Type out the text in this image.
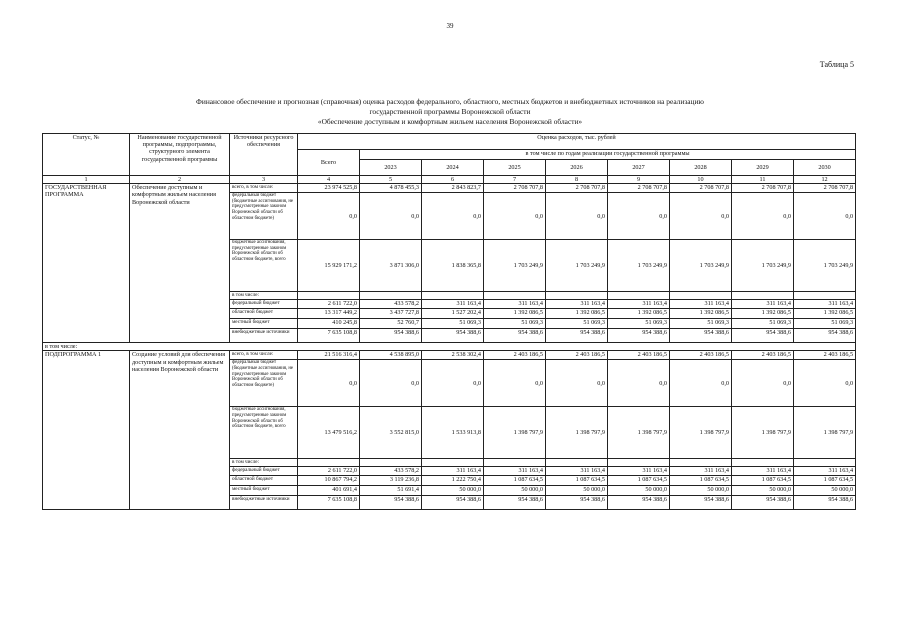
39
Таблица 5
Финансовое обеспечение и прогнозная (справочная) оценка расходов федерального, областного, местных бюджетов и внебюджетных источников на реализацию
государственной программы Воронежской области
«Обеспечение доступным и комфортным жильем населения Воронежской области»
Статус, №	Наименование государственной программы, подпрограммы, структурного элемента государственной программы	Источники ресурсного обеспечения	Оценка расходов, тыс. рублей								
			Всего	в том числе по годам реализации государственной программы							
				2023	2024	2025	2026	2027	2028	2029	2030
1	2	3	4	5	6	7	8	9	10	11	12
ГОСУДАРСТВЕННАЯ ПРОГРАММА	Обеспечение доступным и комфортным жильем населения Воронежской области	всего, в том числе:	23 974 525,8	4 878 455,3	2 843 823,7	2 708 707,8	2 708 707,8	2 708 707,8	2 708 707,8	2 708 707,8	2 708 707,8
		федеральный бюджет (бюджетные ассигнования, не предусмотренные законом Воронежской области об областном бюджете)	0,0	0,0	0,0	0,0	0,0	0,0	0,0	0,0	0,0
		бюджетные ассигнования, предусмотренные законом Воронежской области об областном бюджете, всего	15 929 171,2	3 871 306,0	1 838 365,8	1 703 249,9	1 703 249,9	1 703 249,9	1 703 249,9	1 703 249,9	1 703 249,9
		в том числе:									
		федеральный бюджет	2 611 722,0	433 578,2	311 163,4	311 163,4	311 163,4	311 163,4	311 163,4	311 163,4	311 163,4
		областной бюджет	13 317 449,2	3 437 727,8	1 527 202,4	1 392 086,5	1 392 086,5	1 392 086,5	1 392 086,5	1 392 086,5	1 392 086,5
		местный бюджет	410 245,8	52 760,7	51 069,3	51 069,3	51 069,3	51 069,3	51 069,3	51 069,3	51 069,3
		внебюджетные источники	7 635 108,8	954 388,6	954 388,6	954 388,6	954 388,6	954 388,6	954 388,6	954 388,6	954 388,6
в том числе:											
ПОДПРОГРАММА 1	Создание условий для обеспечения доступным и комфортным жильем населения Воронежской области	всего, в том числе:	21 516 316,4	4 538 895,0	2 538 302,4	2 403 186,5	2 403 186,5	2 403 186,5	2 403 186,5	2 403 186,5	2 403 186,5
		федеральный бюджет (бюджетные ассигнования, не предусмотренные законом Воронежской области об областном бюджете)	0,0	0,0	0,0	0,0	0,0	0,0	0,0	0,0	0,0
		бюджетные ассигнования, предусмотренные законом Воронежской области об областном бюджете, всего	13 479 516,2	3 552 815,0	1 533 913,8	1 398 797,9	1 398 797,9	1 398 797,9	1 398 797,9	1 398 797,9	1 398 797,9
		в том числе:									
		федеральный бюджет	2 611 722,0	433 578,2	311 163,4	311 163,4	311 163,4	311 163,4	311 163,4	311 163,4	311 163,4
		областной бюджет	10 867 794,2	3 119 236,8	1 222 750,4	1 087 634,5	1 087 634,5	1 087 634,5	1 087 634,5	1 087 634,5	1 087 634,5
		местный бюджет	401 691,4	51 691,4	50 000,0	50 000,0	50 000,0	50 000,0	50 000,0	50 000,0	50 000,0
		внебюджетные источники	7 635 108,8	954 388,6	954 388,6	954 388,6	954 388,6	954 388,6	954 388,6	954 388,6	954 388,6
